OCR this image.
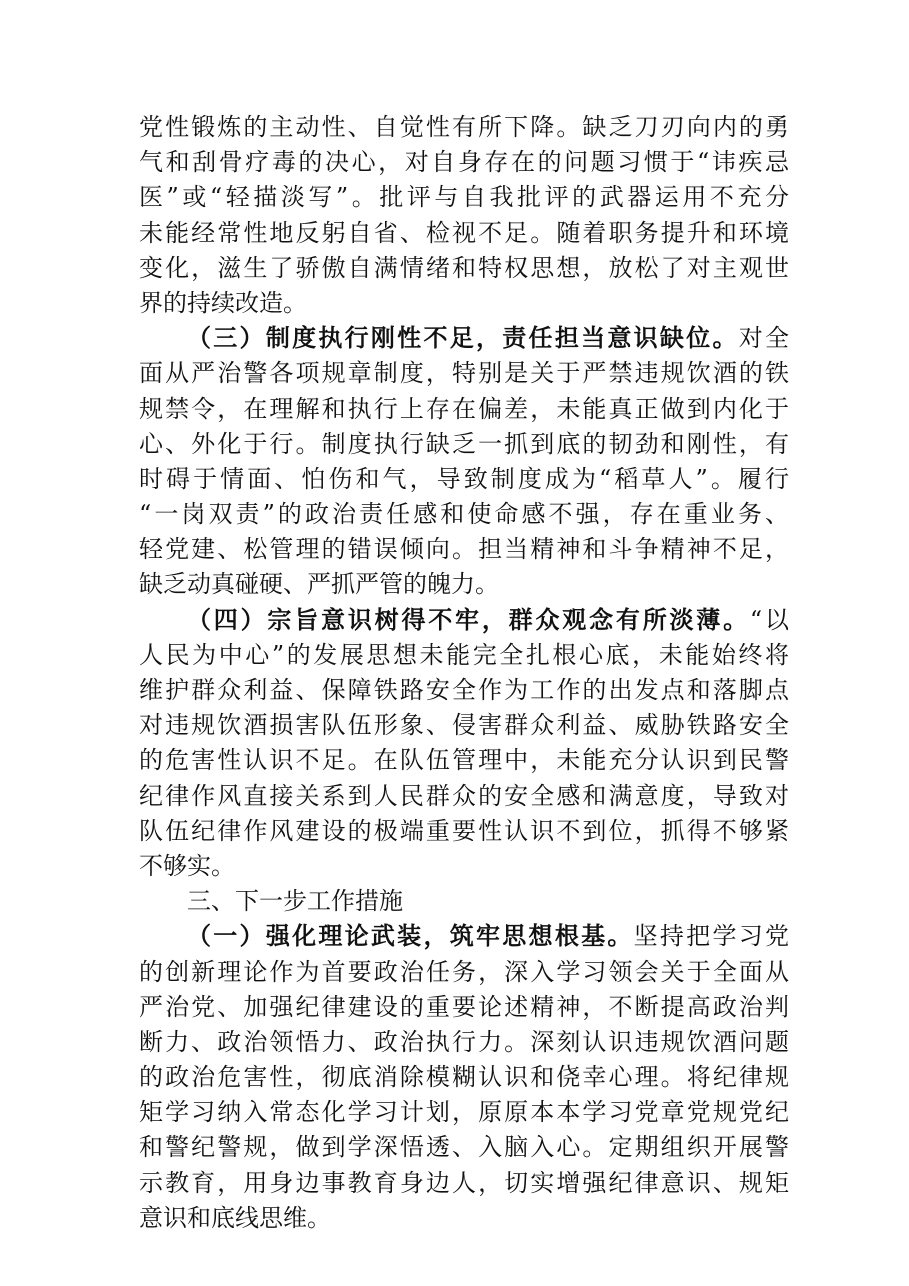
党性锻炼的主动性、自觉性有所下降。缺乏刀刃向内的勇
气和刮骨疗毒的决心，对自身存在的问题习惯于“讳疾忌
医”或“轻描淡写”。批评与自我批评的武器运用不充分
未能经常性地反躬自省、检视不足。随着职务提升和环境
变化，滋生了骄傲自满情绪和特权思想，放松了对主观世
界的持续改造。
（三）制度执行刚性不足，责任担当意识缺位。对全
面从严治警各项规章制度，特别是关于严禁违规饮酒的铁
规禁令，在理解和执行上存在偏差，未能真正做到内化于
心、外化于行。制度执行缺乏一抓到底的韧劲和刚性，有
时碍于情面、怕伤和气，导致制度成为“稻草人”。履行
“一岗双责”的政治责任感和使命感不强，存在重业务、
轻党建、松管理的错误倾向。担当精神和斗争精神不足，
缺乏动真碰硬、严抓严管的魄力。
（四）宗旨意识树得不牢，群众观念有所淡薄。“以
人民为中心”的发展思想未能完全扎根心底，未能始终将
维护群众利益、保障铁路安全作为工作的出发点和落脚点
对违规饮酒损害队伍形象、侵害群众利益、威胁铁路安全
的危害性认识不足。在队伍管理中，未能充分认识到民警
纪律作风直接关系到人民群众的安全感和满意度，导致对
队伍纪律作风建设的极端重要性认识不到位，抓得不够紧
不够实。
三、下一步工作措施
（一）强化理论武装，筑牢思想根基。坚持把学习党
的创新理论作为首要政治任务，深入学习领会关于全面从
严治党、加强纪律建设的重要论述精神，不断提高政治判
断力、政治领悟力、政治执行力。深刻认识违规饮酒问题
的政治危害性，彻底消除模糊认识和侥幸心理。将纪律规
矩学习纳入常态化学习计划，原原本本学习党章党规党纪
和警纪警规，做到学深悟透、入脑入心。定期组织开展警
示教育，用身边事教育身边人，切实增强纪律意识、规矩
意识和底线思维。
